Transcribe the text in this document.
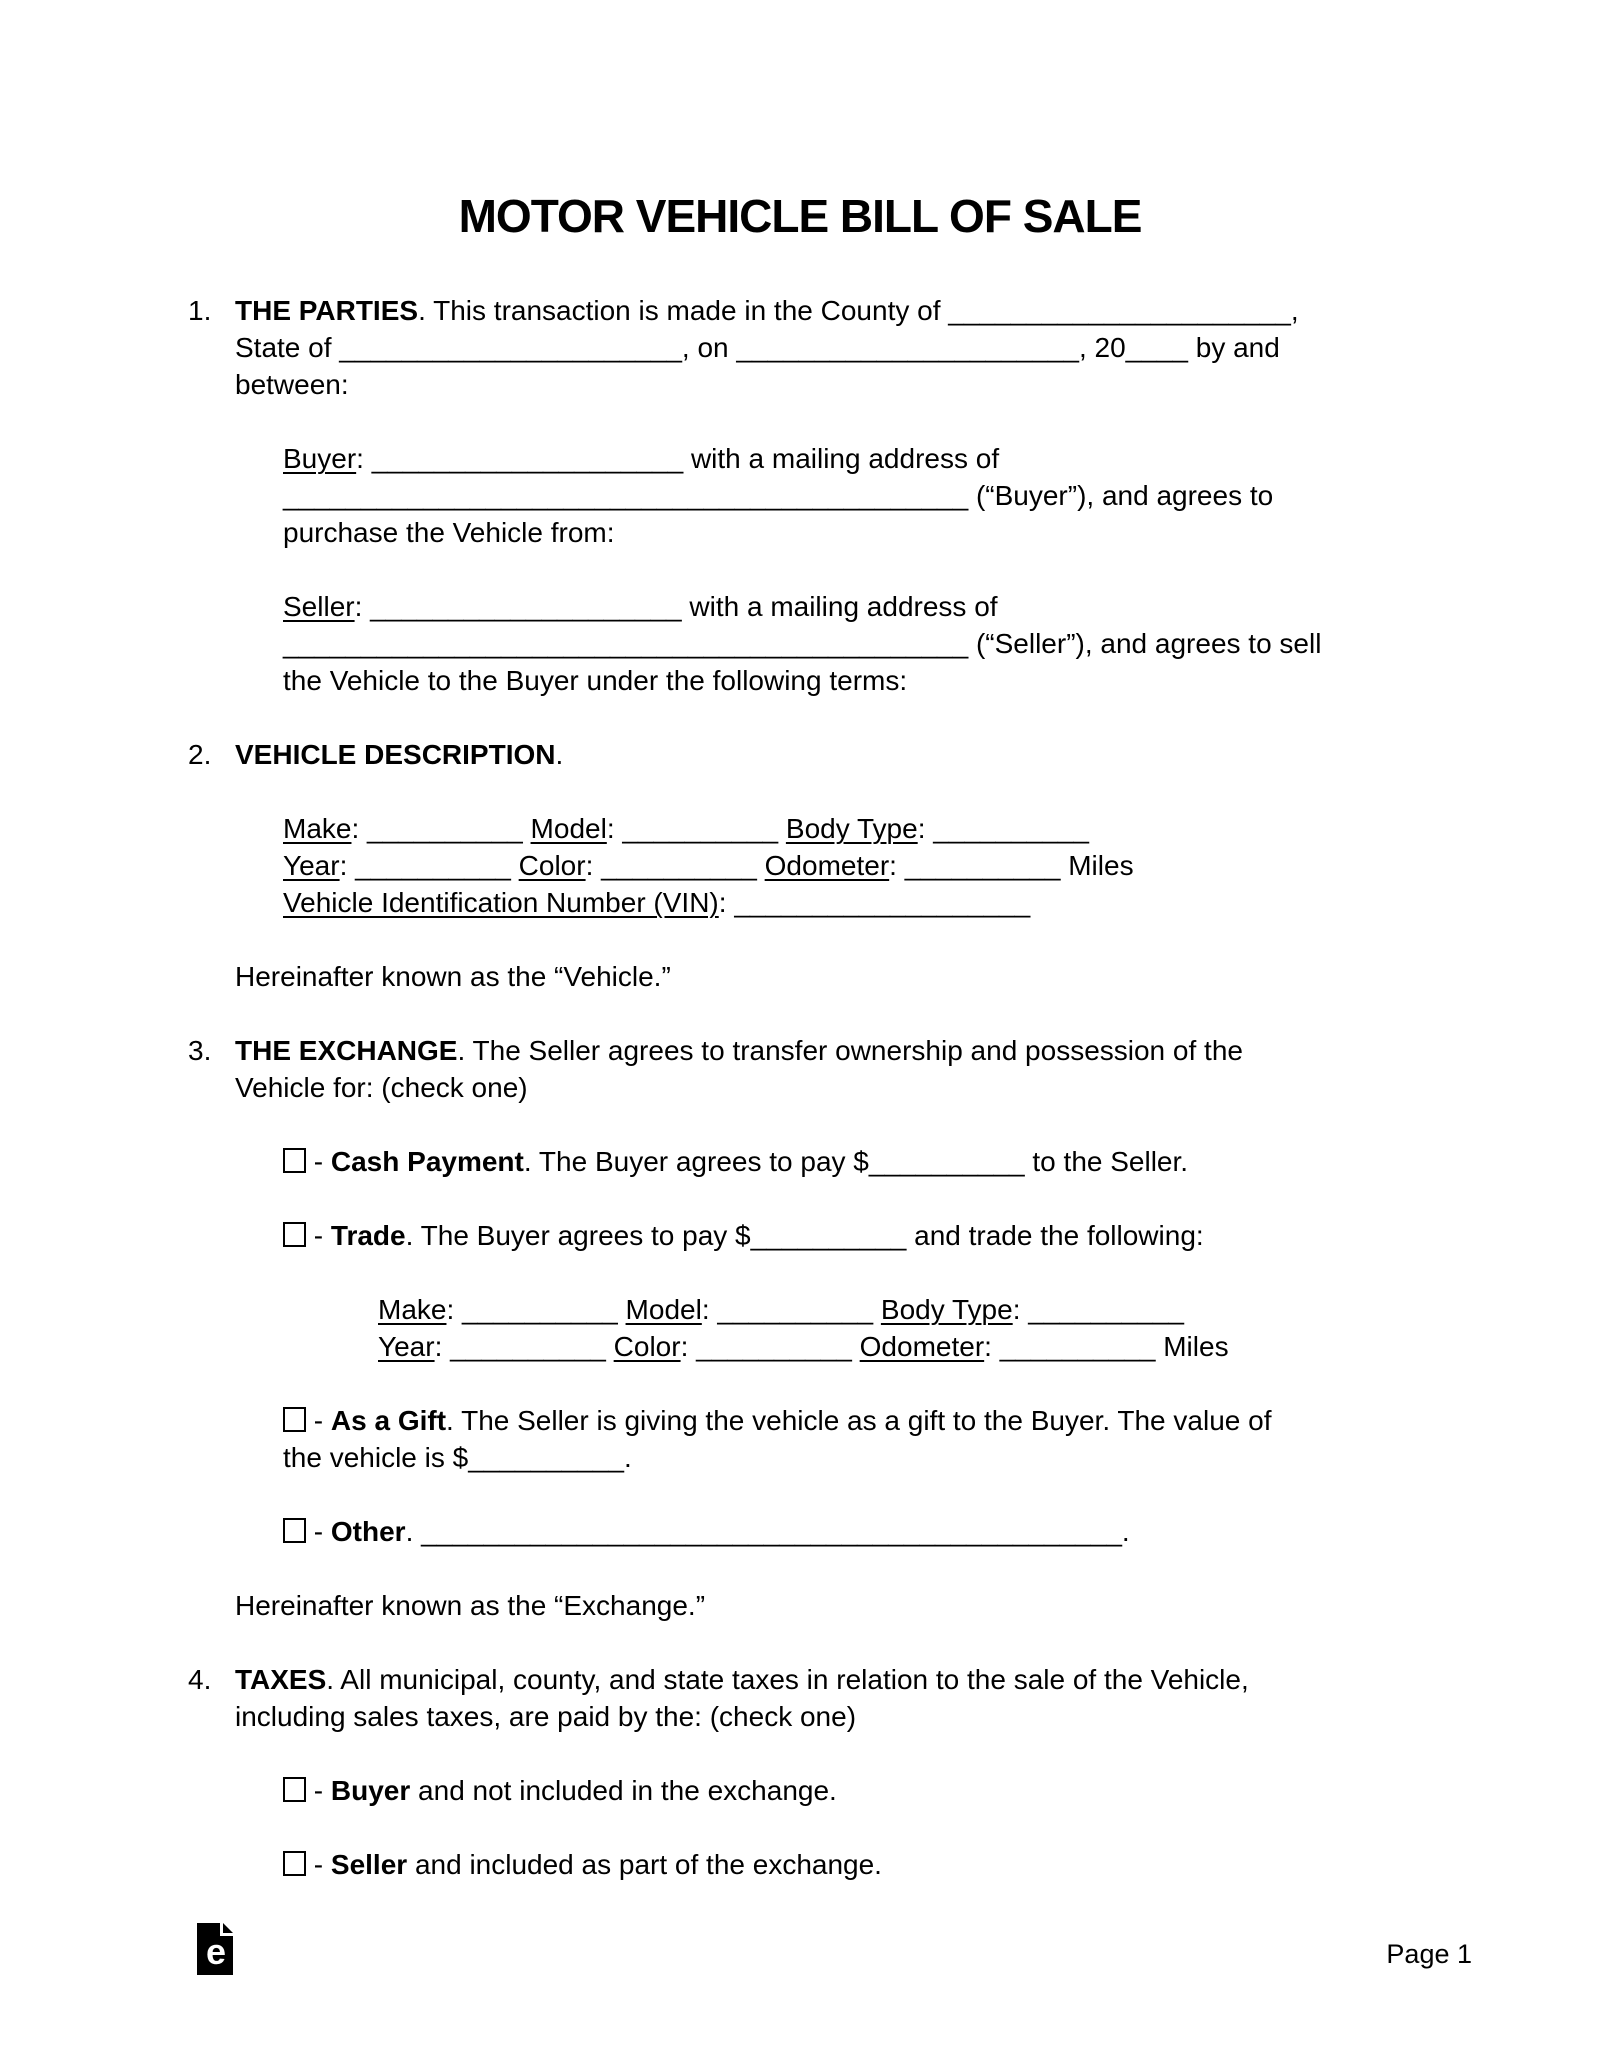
MOTOR VEHICLE BILL OF SALE
1. THE PARTIES. This transaction is made in the County of ______________________,
State of ______________________, on ______________________, 20____ by and
between:
Buyer: ____________________ with a mailing address of
____________________________________________ (“Buyer”), and agrees to
purchase the Vehicle from:
Seller: ____________________ with a mailing address of
____________________________________________ (“Seller”), and agrees to sell
the Vehicle to the Buyer under the following terms:
2. VEHICLE DESCRIPTION.
Make: __________ Model: __________ Body Type: __________
Year: __________ Color: __________ Odometer: __________ Miles
Vehicle Identification Number (VIN): ___________________
Hereinafter known as the “Vehicle.”
3. THE EXCHANGE. The Seller agrees to transfer ownership and possession of the
Vehicle for: (check one)
- Cash Payment. The Buyer agrees to pay $__________ to the Seller.
- Trade. The Buyer agrees to pay $__________ and trade the following:
Make: __________ Model: __________ Body Type: __________
Year: __________ Color: __________ Odometer: __________ Miles
- As a Gift. The Seller is giving the vehicle as a gift to the Buyer. The value of
the vehicle is $__________.
- Other. _____________________________________________.
Hereinafter known as the “Exchange.”
4. TAXES. All municipal, county, and state taxes in relation to the sale of the Vehicle,
including sales taxes, are paid by the: (check one)
- Buyer and not included in the exchange.
- Seller and included as part of the exchange.
e	Page 1
